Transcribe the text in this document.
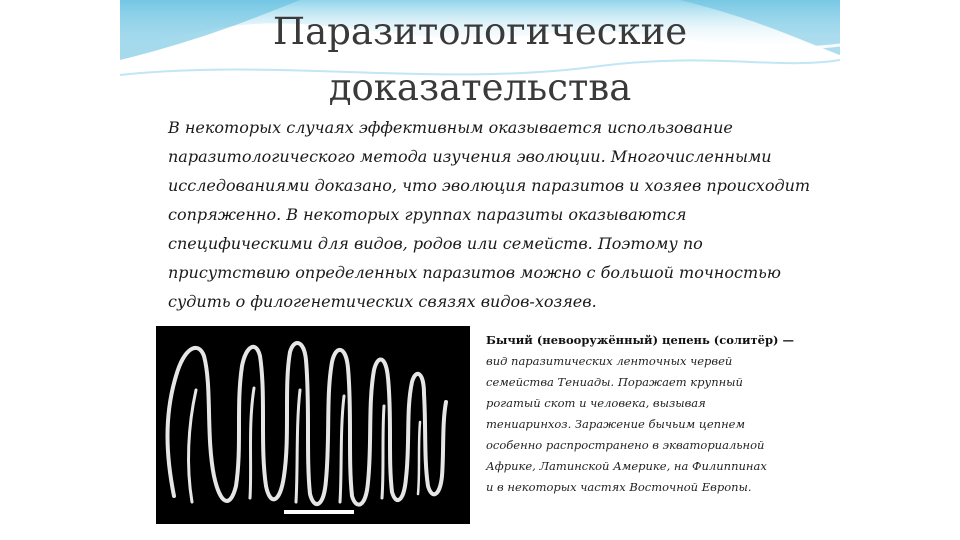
Паразитологические
доказательства
В некоторых случаях эффективным оказывается использование
паразитологического метода изучения эволюции. Многочисленными
исследованиями доказано, что эволюция паразитов и хозяев происходит
сопряженно. В некоторых группах паразиты оказываются
специфическими для видов, родов или семейств. Поэтому по
присутствию определенных паразитов можно с большой точностью
судить о филогенетических связях видов-хозяев.
Бычий (невооружённый) цепень (солитёр) —
вид паразитических ленточных червей
семейства Тениады. Поражает крупный
рогатый скот и человека, вызывая
тениаринхоз. Заражение бычьим цепнем
особенно распространено в экваториальной
Африке, Латинской Америке, на Филиппинах
и в некоторых частях Восточной Европы.
